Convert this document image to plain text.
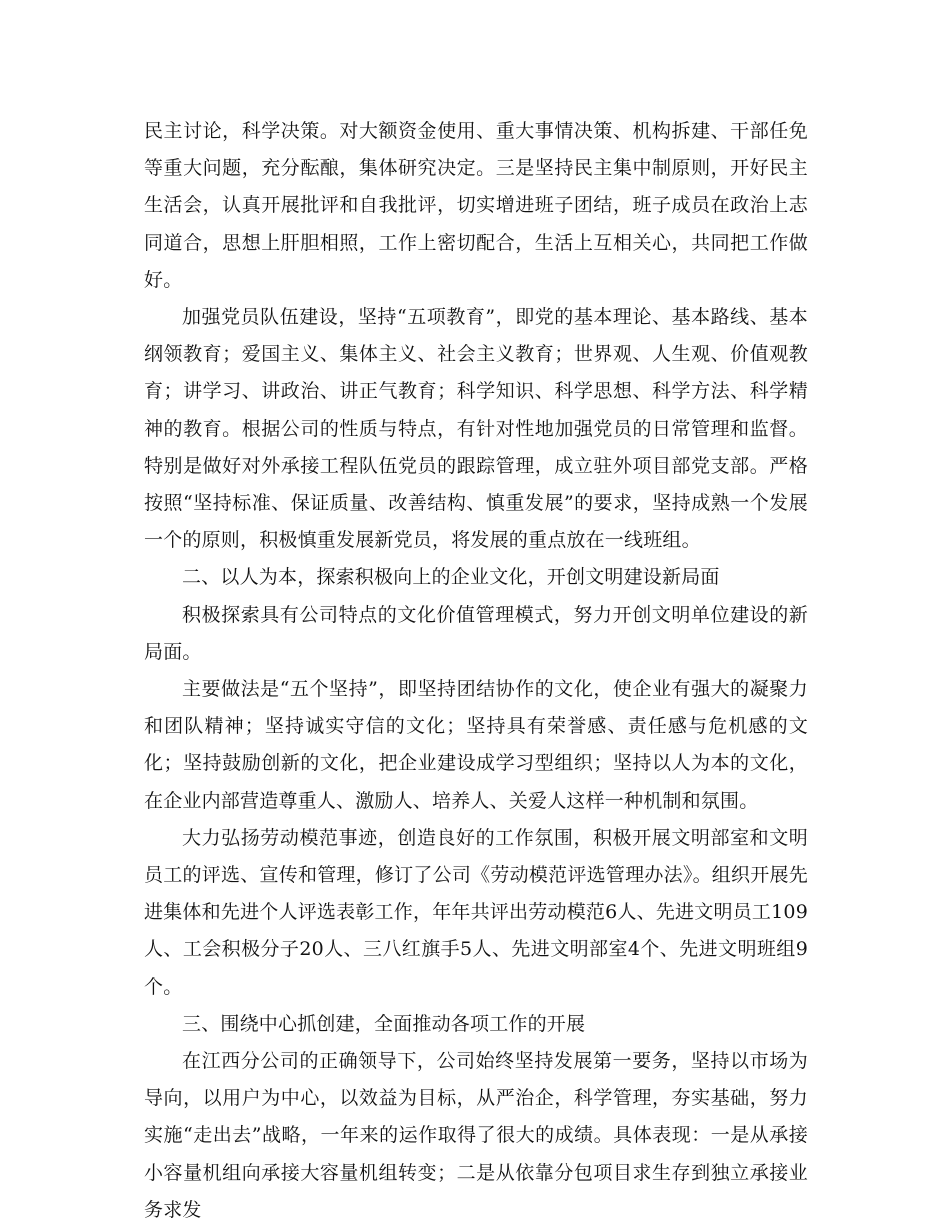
民主讨论，科学决策。对大额资金使用、重大事情决策、机构拆建、干部任免等重大问题，充分酝酿，集体研究决定。三是坚持民主集中制原则，开好民主生活会，认真开展批评和自我批评，切实增进班子团结，班子成员在政治上志同道合，思想上肝胆相照，工作上密切配合，生活上互相关心，共同把工作做好。

加强党员队伍建设，坚持“五项教育”，即党的基本理论、基本路线、基本纲领教育；爱国主义、集体主义、社会主义教育；世界观、人生观、价值观教育；讲学习、讲政治、讲正气教育；科学知识、科学思想、科学方法、科学精神的教育。根据公司的性质与特点，有针对性地加强党员的日常管理和监督。特别是做好对外承接工程队伍党员的跟踪管理，成立驻外项目部党支部。严格按照“坚持标准、保证质量、改善结构、慎重发展”的要求，坚持成熟一个发展一个的原则，积极慎重发展新党员，将发展的重点放在一线班组。

二、以人为本，探索积极向上的企业文化，开创文明建设新局面

积极探索具有公司特点的文化价值管理模式，努力开创文明单位建设的新局面。

主要做法是“五个坚持”，即坚持团结协作的文化，使企业有强大的凝聚力和团队精神；坚持诚实守信的文化；坚持具有荣誉感、责任感与危机感的文化；坚持鼓励创新的文化，把企业建设成学习型组织；坚持以人为本的文化，在企业内部营造尊重人、激励人、培养人、关爱人这样一种机制和氛围。

大力弘扬劳动模范事迹，创造良好的工作氛围，积极开展文明部室和文明员工的评选、宣传和管理，修订了公司《劳动模范评选管理办法》。组织开展先进集体和先进个人评选表彰工作，年年共评出劳动模范6人、先进文明员工109人、工会积极分子20人、三八红旗手5人、先进文明部室4个、先进文明班组9个。

三、围绕中心抓创建，全面推动各项工作的开展

在江西分公司的正确领导下，公司始终坚持发展第一要务，坚持以市场为导向，以用户为中心，以效益为目标，从严治企，科学管理，夯实基础，努力实施“走出去”战略，一年来的运作取得了很大的成绩。具体表现：一是从承接小容量机组向承接大容量机组转变；二是从依靠分包项目求生存到独立承接业务求发
